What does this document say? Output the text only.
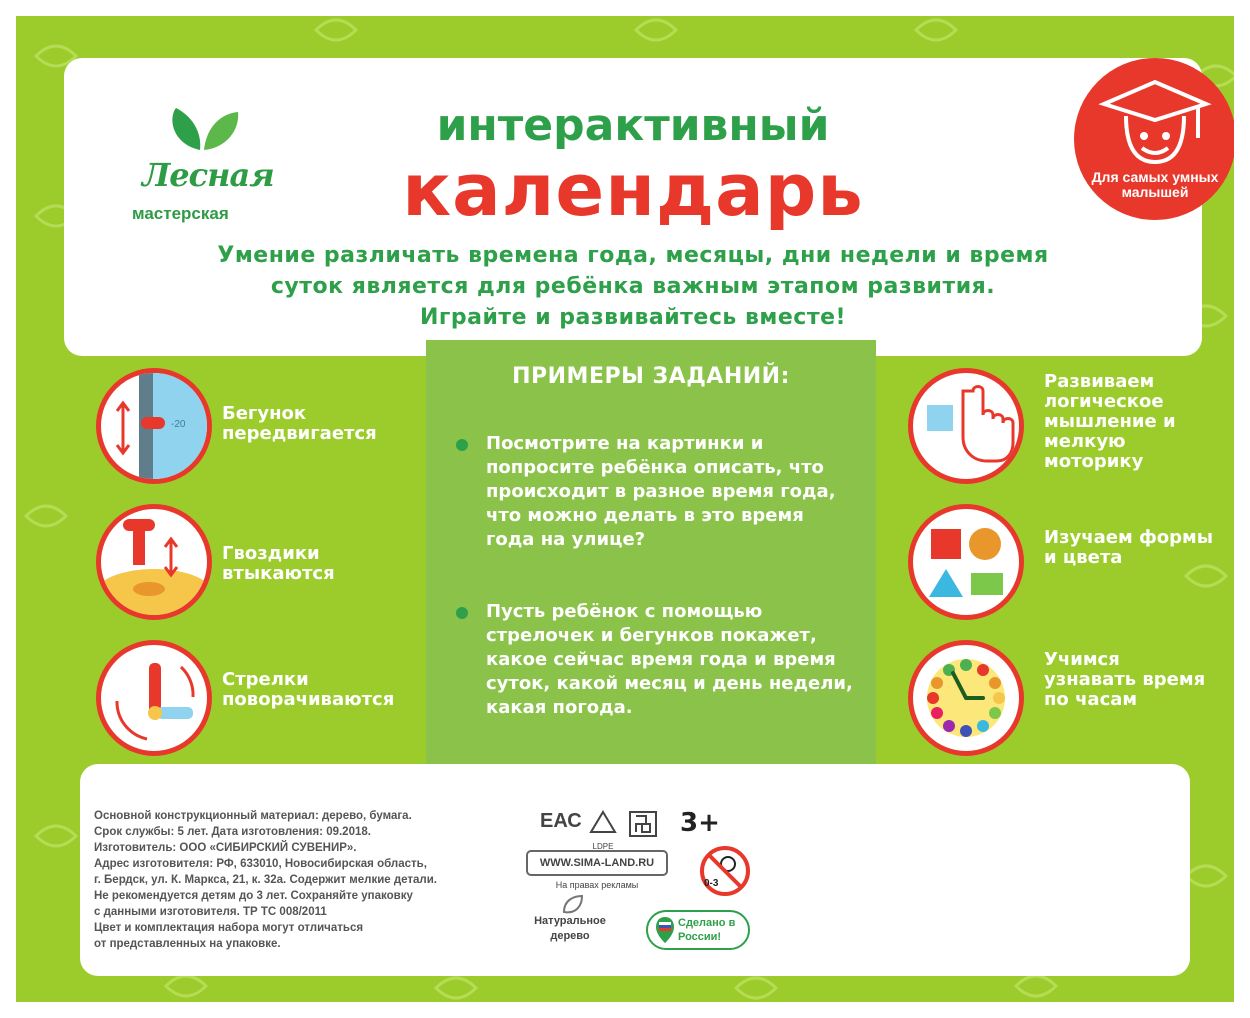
Лесная
мастерская
интерактивный
календарь	Для самых умных малышей
Умение различать времена года, месяцы, дни недели и время
суток является для ребёнка важным этапом развития.
Играйте и развивайтесь вместе!
ПРИМЕРЫ ЗАДАНИЙ:
Посмотрите на картинки и попросите ребёнка описать, что происходит в разное время года, что можно делать в это время года на улице?
Пусть ребёнок с помощью стрелочек и бегунков покажет, какое сейчас время года и время суток, какой месяц и день недели, какая погода.
-20
Бегунок передвигается
Гвоздики втыкаются
Стрелки поворачиваются
Развиваем логическое мышление и мелкую моторику
Изучаем формы и цвета
Учимся узнавать время по часам
Основной конструкционный материал: дерево, бумага.
Срок службы: 5 лет. Дата изготовления: 09.2018.
Изготовитель: ООО «СИБИРСКИЙ СУВЕНИР».
Адрес изготовителя: РФ, 633010, Новосибирская область,
г. Бердск, ул. К. Маркса, 21, к. 32а. Содержит мелкие детали.
Не рекомендуется детям до 3 лет. Сохраняйте упаковку
с данными изготовителя. ТР ТС 008/2011
Цвет и комплектация набора могут отличаться
от представленных на упаковке.
ЕАС
LDPE
3+
WWW.SIMA-LAND.RU
На правах рекламы	0-3
Натуральное дерево
Сделано в России!
